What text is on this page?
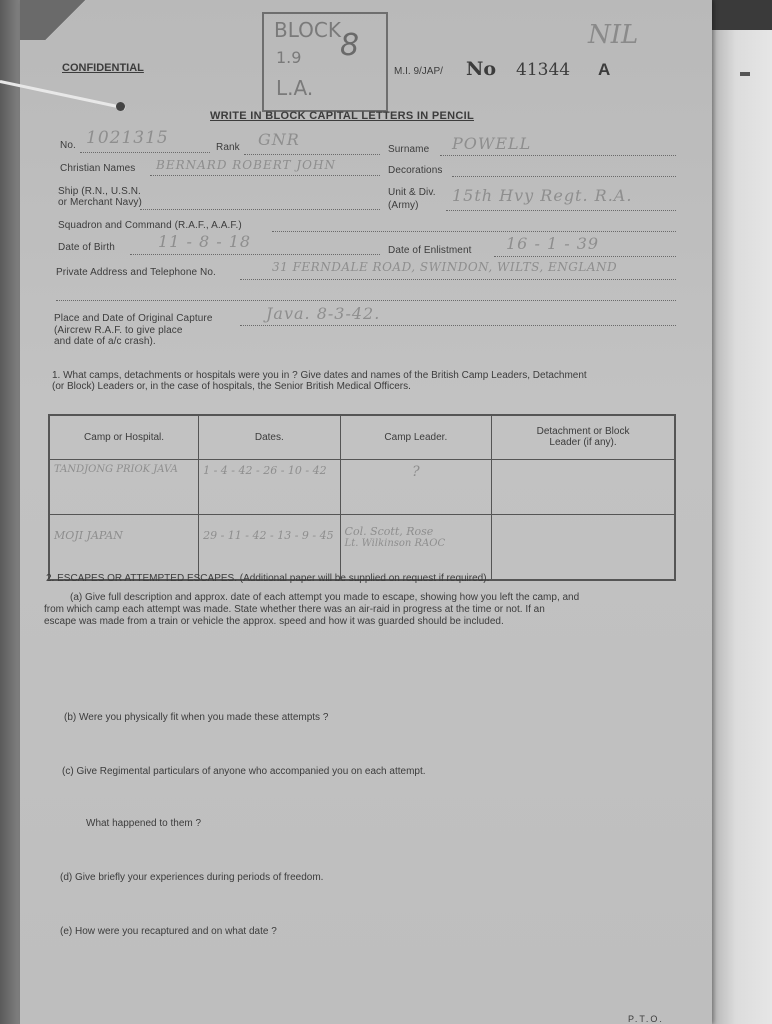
CONFIDENTIAL
BLOCK
1.9
L.A.
8	NIL
M.I. 9/JAP/ No 41344 A
WRITE IN BLOCK CAPITAL LETTERS IN PENCIL
No. 1021315	Rank GNR
Surname POWELL
Christian Names BERNARD ROBERT JOHN	Decorations
Ship (R.N., U.S.N.
or Merchant Navy)
Unit & Div.
(Army)
15th Hvy Regt. R.A.
Squadron and Command (R.A.F., A.A.F.)
Date of Birth	11 - 8 - 18	Date of Enlistment 16 - 1 - 39
Private Address and Telephone No.	31 FERNDALE ROAD, SWINDON, WILTS, ENGLAND
Place and Date of Original Capture
(Aircrew R.A.F. to give place
and date of a/c crash).
Java. 8-3-42.
1. What camps, detachments or hospitals were you in ? Give dates and names of the British Camp Leaders, Detachment
(or Block) Leaders or, in the case of hospitals, the Senior British Medical Officers.
Camp or Hospital.	Dates.	Camp Leader.	Detachment or Block
Leader (if any).

TANDJONG PRIOK JAVA	1 - 4 - 42 - 26 - 10 - 42	?	
MOJI JAPAN	29 - 11 - 42 - 13 - 9 - 45	Col. Scott, Rose
Lt. Wilkinson RAOC	

2. ESCAPES OR ATTEMPTED ESCAPES. (Additional paper will be supplied on request if required).
(a) Give full description and approx. date of each attempt you made to escape, showing how you left the camp, and
from which camp each attempt was made. State whether there was an air-raid in progress at the time or not. If an
escape was made from a train or vehicle the approx. speed and how it was guarded should be included.
(b) Were you physically fit when you made these attempts ?
(c) Give Regimental particulars of anyone who accompanied you on each attempt.
What happened to them ?
(d) Give briefly your experiences during periods of freedom.
(e) How were you recaptured and on what date ?
P.T.O.
